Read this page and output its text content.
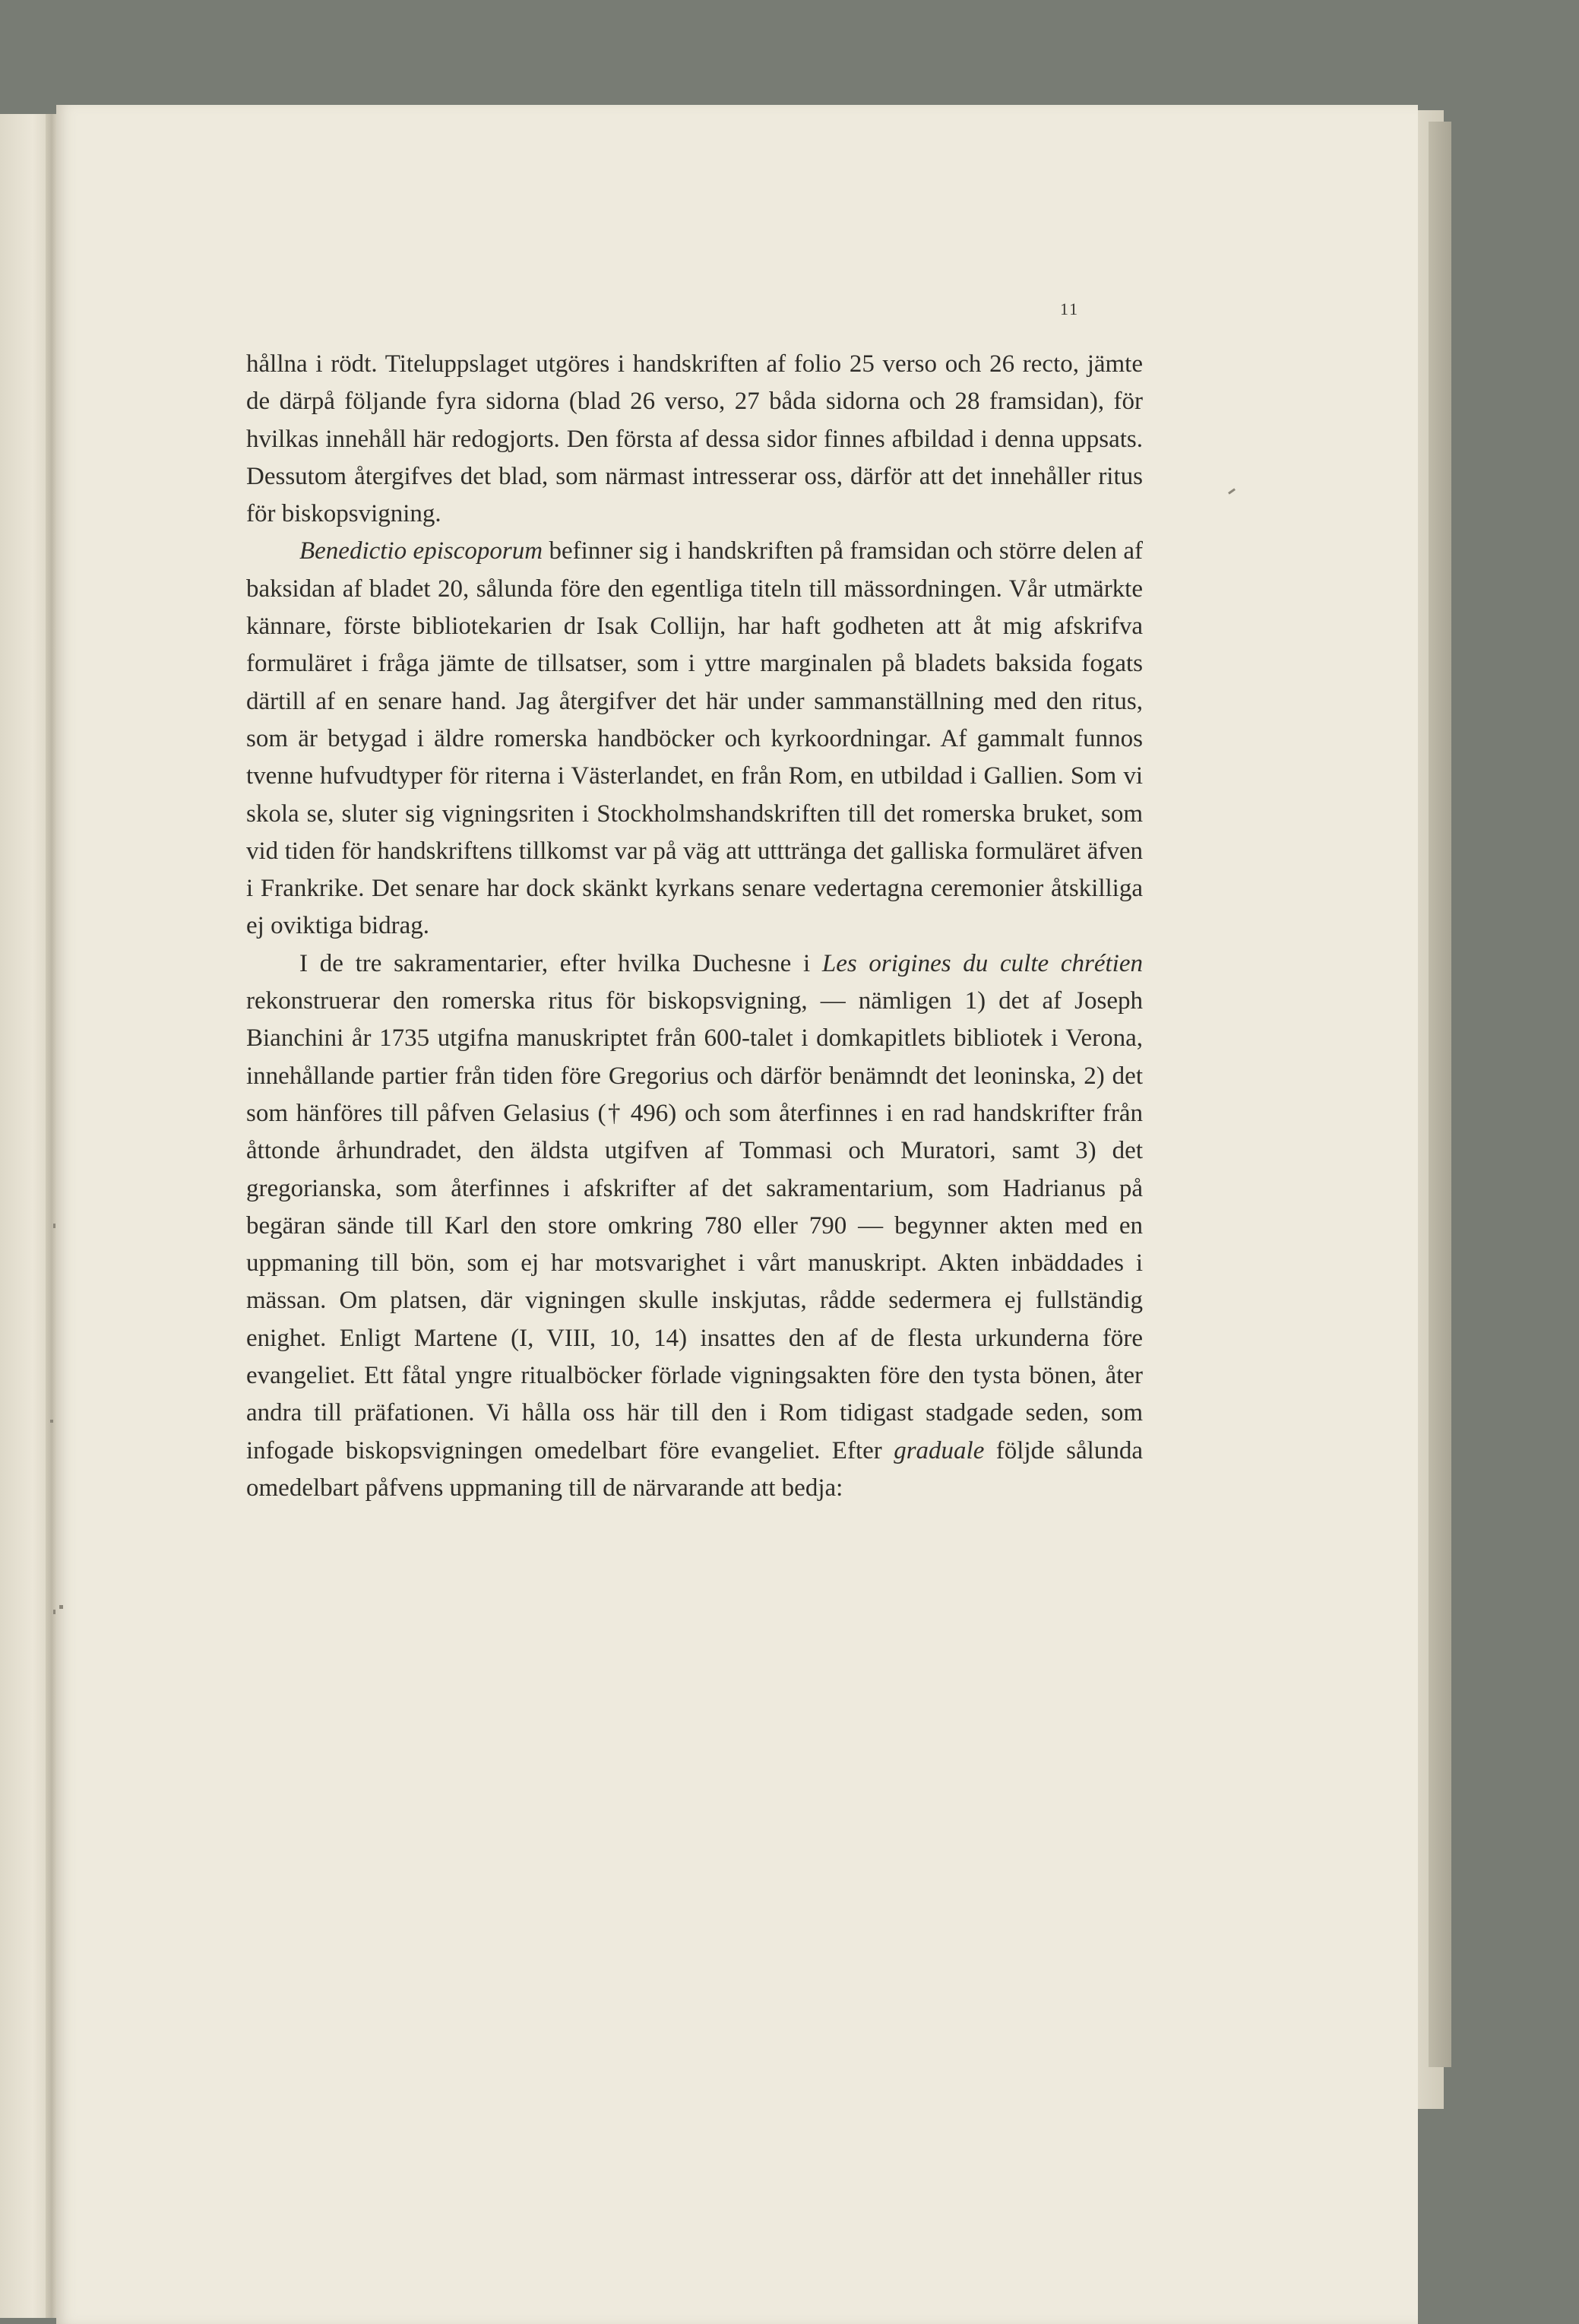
11

hållna i rödt. Titeluppslaget utgöres i handskriften af folio 25 verso och 26 recto, jämte de därpå följande fyra sidorna (blad 26 verso, 27 båda sidorna och 28 framsidan), för hvilkas innehåll här redogjorts. Den första af dessa sidor finnes afbildad i denna uppsats. Dessutom återgifves det blad, som närmast intresserar oss, därför att det innehåller ritus för biskopsvigning.

Benedictio episcoporum befinner sig i handskriften på framsidan och större delen af baksidan af bladet 20, sålunda före den egentliga titeln till mässordningen. Vår utmärkte kännare, förste bibliotekarien dr Isak Collijn, har haft godheten att åt mig afskrifva formuläret i fråga jämte de tillsatser, som i yttre marginalen på bladets baksida fogats därtill af en senare hand. Jag återgifver det här under sammanställning med den ritus, som är betygad i äldre romerska handböcker och kyrkoordningar. Af gammalt funnos tvenne hufvudtyper för riterna i Västerlandet, en från Rom, en utbildad i Gallien. Som vi skola se, sluter sig vigningsriten i Stockholmshandskriften till det romerska bruket, som vid tiden för handskriftens tillkomst var på väg att utttränga det galliska formuläret äfven i Frankrike. Det senare har dock skänkt kyrkans senare vedertagna ceremonier åtskilliga ej oviktiga bidrag.

I de tre sakramentarier, efter hvilka Duchesne i Les origines du culte chrétien rekonstruerar den romerska ritus för biskopsvigning, — nämligen 1) det af Joseph Bianchini år 1735 utgifna manuskriptet från 600-talet i domkapitlets bibliotek i Verona, innehållande partier från tiden före Gregorius och därför benämndt det leoninska, 2) det som hänföres till påfven Gelasius († 496) och som återfinnes i en rad handskrifter från åttonde århundradet, den äldsta utgifven af Tommasi och Muratori, samt 3) det gregorianska, som återfinnes i afskrifter af det sakramentarium, som Hadrianus på begäran sände till Karl den store omkring 780 eller 790 — begynner akten med en uppmaning till bön, som ej har motsvarighet i vårt manuskript. Akten inbäddades i mässan. Om platsen, där vigningen skulle inskjutas, rådde sedermera ej fullständig enighet. Enligt Martene (I, VIII, 10, 14) insattes den af de flesta urkunderna före evangeliet. Ett fåtal yngre ritualböcker förlade vigningsakten före den tysta bönen, åter andra till präfationen. Vi hålla oss här till den i Rom tidigast stadgade seden, som infogade biskopsvigningen omedelbart före evangeliet. Efter graduale följde sålunda omedelbart påfvens uppmaning till de närvarande att bedja:
